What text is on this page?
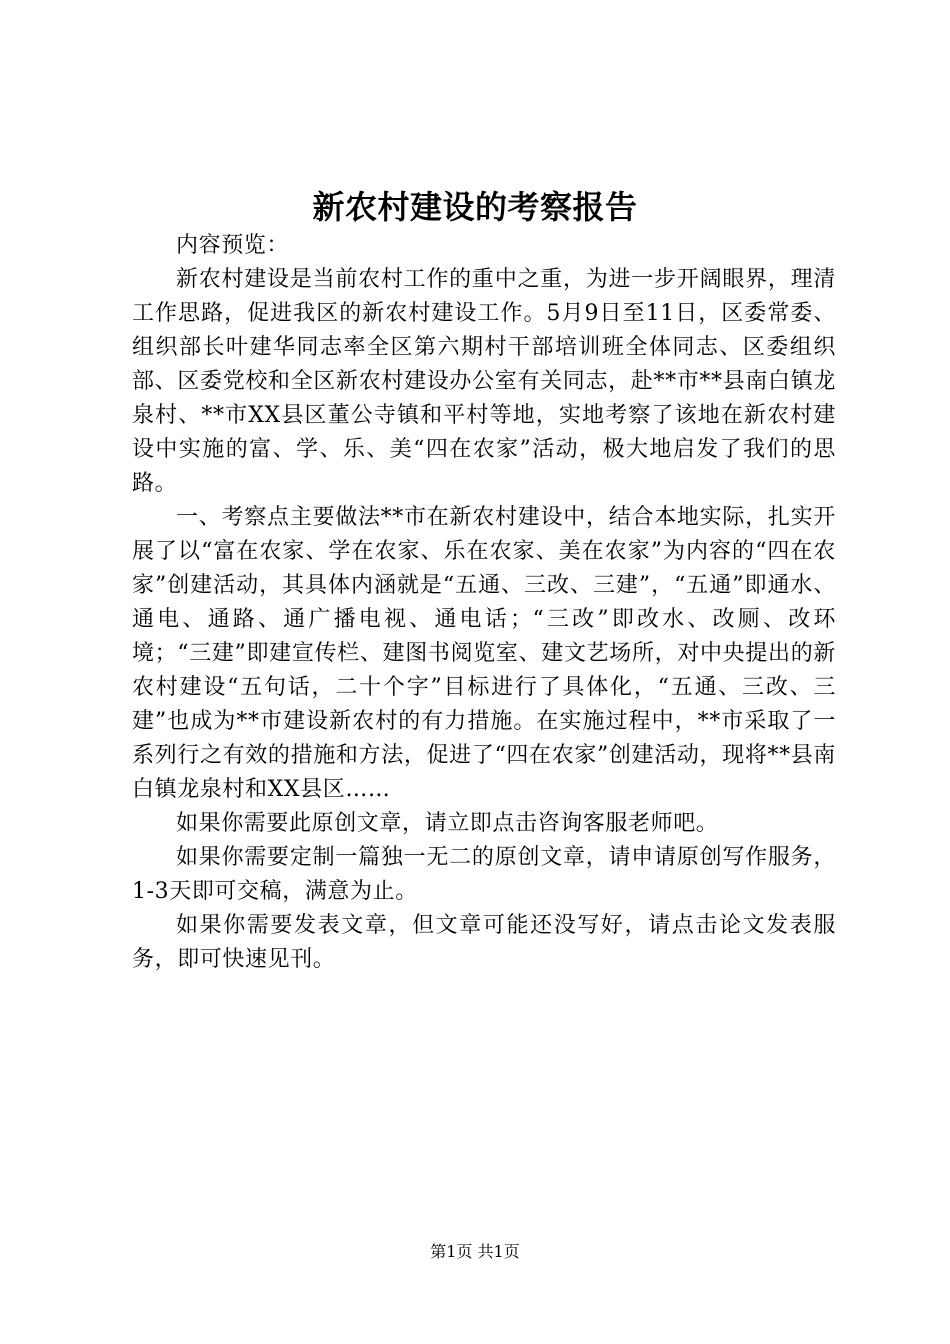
新农村建设的考察报告

内容预览：

新农村建设是当前农村工作的重中之重，为进一步开阔眼界，理清工作思路，促进我区的新农村建设工作。5月9日至11日，区委常委、组织部长叶建华同志率全区第六期村干部培训班全体同志、区委组织部、区委党校和全区新农村建设办公室有关同志，赴**市**县南白镇龙泉村、**市XX县区董公寺镇和平村等地，实地考察了该地在新农村建设中实施的富、学、乐、美“四在农家”活动，极大地启发了我们的思路。

一、考察点主要做法**市在新农村建设中，结合本地实际，扎实开展了以“富在农家、学在农家、乐在农家、美在农家”为内容的“四在农家”创建活动，其具体内涵就是“五通、三改、三建”，“五通”即通水、通电、通路、通广播电视、通电话；“三改”即改水、改厕、改环境；“三建”即建宣传栏、建图书阅览室、建文艺场所，对中央提出的新农村建设“五句话，二十个字”目标进行了具体化，“五通、三改、三建”也成为**市建设新农村的有力措施。在实施过程中，**市采取了一系列行之有效的措施和方法，促进了“四在农家”创建活动，现将**县南白镇龙泉村和XX县区……

如果你需要此原创文章，请立即点击咨询客服老师吧。

如果你需要定制一篇独一无二的原创文章，请申请原创写作服务，1-3天即可交稿，满意为止。

如果你需要发表文章，但文章可能还没写好，请点击论文发表服务，即可快速见刊。

第1页 共1页
